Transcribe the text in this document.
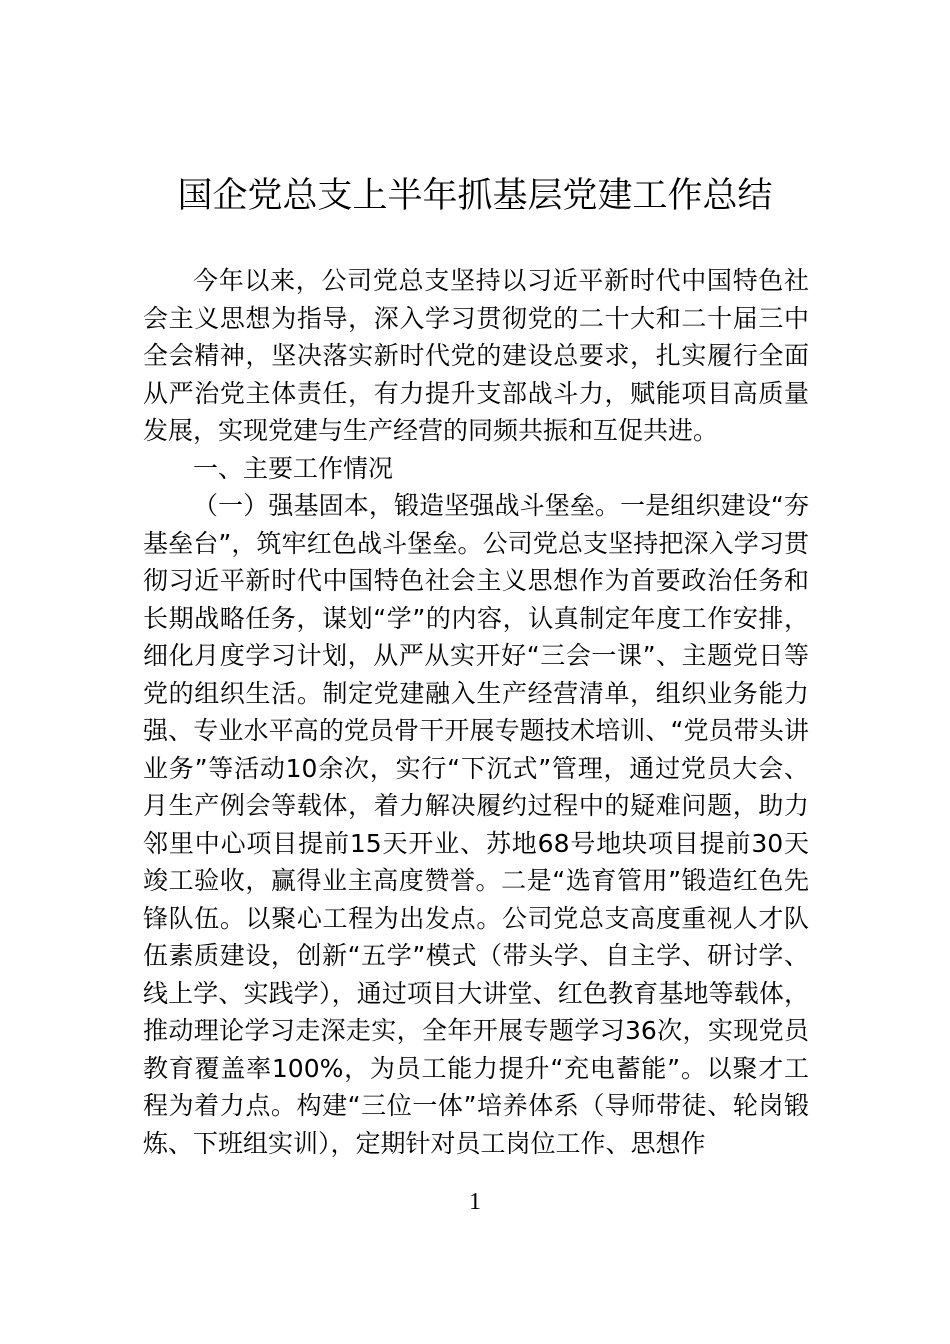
国企党总支上半年抓基层党建工作总结

今年以来，公司党总支坚持以习近平新时代中国特色社会主义思想为指导，深入学习贯彻党的二十大和二十届三中全会精神，坚决落实新时代党的建设总要求，扎实履行全面从严治党主体责任，有力提升支部战斗力，赋能项目高质量发展，实现党建与生产经营的同频共振和互促共进。

一、主要工作情况

（一）强基固本，锻造坚强战斗堡垒。一是组织建设“夯基垒台”，筑牢红色战斗堡垒。公司党总支坚持把深入学习贯彻习近平新时代中国特色社会主义思想作为首要政治任务和长期战略任务，谋划“学”的内容，认真制定年度工作安排，细化月度学习计划，从严从实开好“三会一课”、主题党日等党的组织生活。制定党建融入生产经营清单，组织业务能力强、专业水平高的党员骨干开展专题技术培训、“党员带头讲业务”等活动10余次，实行“下沉式”管理，通过党员大会、月生产例会等载体，着力解决履约过程中的疑难问题，助力邻里中心项目提前15天开业、苏地68号地块项目提前30天竣工验收，赢得业主高度赞誉。二是“选育管用”锻造红色先锋队伍。以聚心工程为出发点。公司党总支高度重视人才队伍素质建设，创新“五学”模式（带头学、自主学、研讨学、线上学、实践学），通过项目大讲堂、红色教育基地等载体，推动理论学习走深走实，全年开展专题学习36次，实现党员教育覆盖率100%，为员工能力提升“充电蓄能”。以聚才工程为着力点。构建“三位一体”培养体系（导师带徒、轮岗锻炼、下班组实训），定期针对员工岗位工作、思想作

1
